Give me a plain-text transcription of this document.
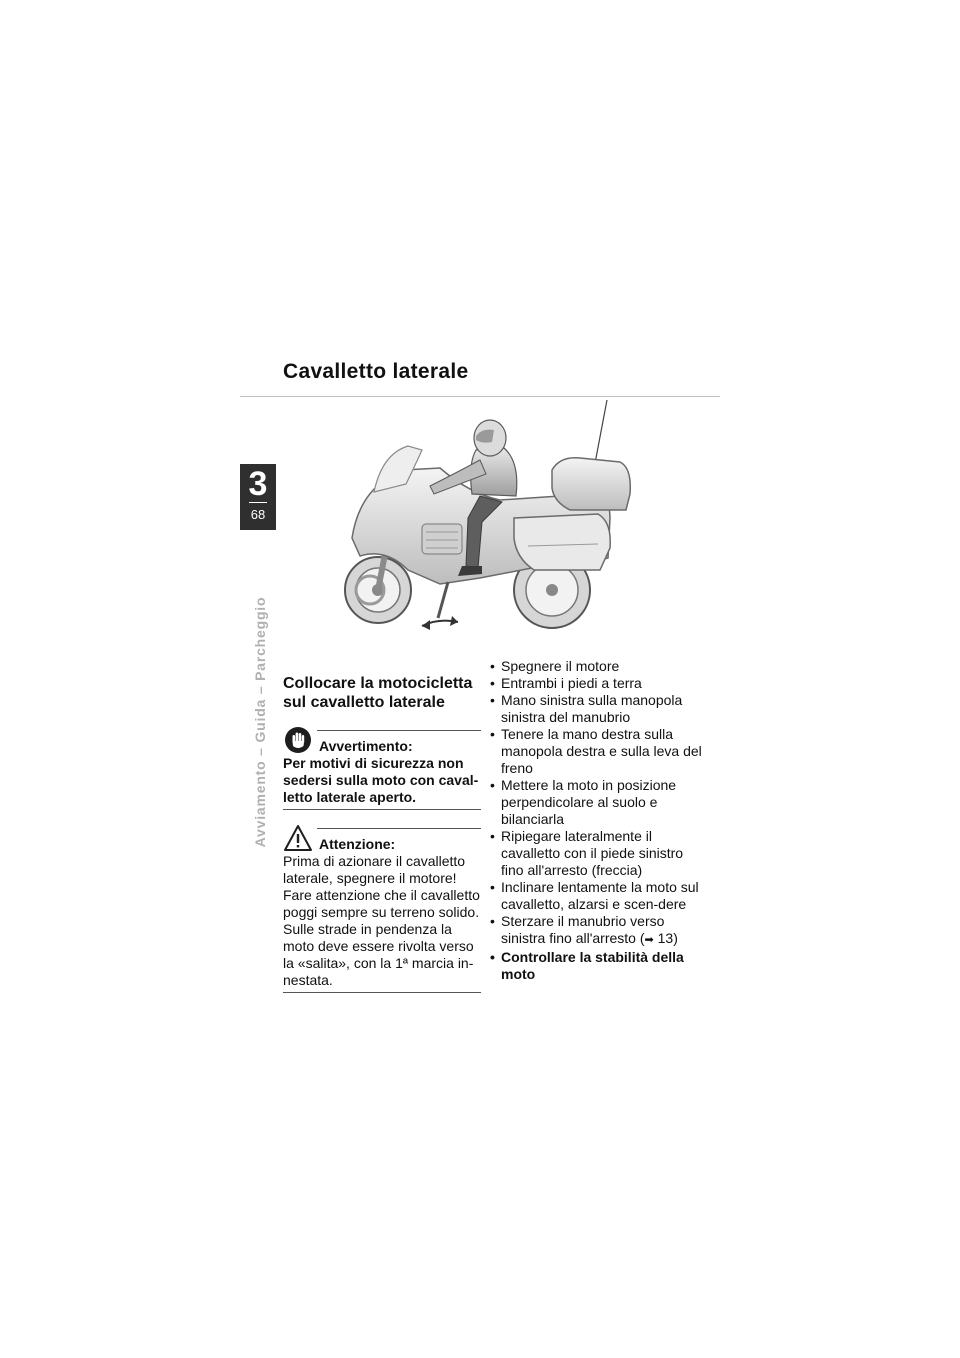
Cavalletto laterale
3
68
Avviamento – Guida – Parcheggio Collocare la motocicletta sul cavalletto laterale
Avvertimento:

Per motivi di sicurezza non sedersi sulla moto con caval-letto laterale aperto.

Attenzione:

Prima di azionare il cavalletto laterale, spegnere il motore! Fare attenzione che il cavalletto poggi sempre su terreno solido. Sulle strade in pendenza la moto deve essere rivolta verso la «salita», con la 1ª marcia in-nestata.

• Spegnere il motore
• Entrambi i piedi a terra
• Mano sinistra sulla manopola sinistra del manubrio
• Tenere la mano destra sulla manopola destra e sulla leva del freno
• Mettere la moto in posizione perpendicolare al suolo e bilanciarla
• Ripiegare lateralmente il cavalletto con il piede sinistro fino all'arresto (freccia)
• Inclinare lentamente la moto sul cavalletto, alzarsi e scen-dere
• Sterzare il manubrio verso sinistra fino all'arresto (➡ 13)
• Controllare la stabilità della moto
